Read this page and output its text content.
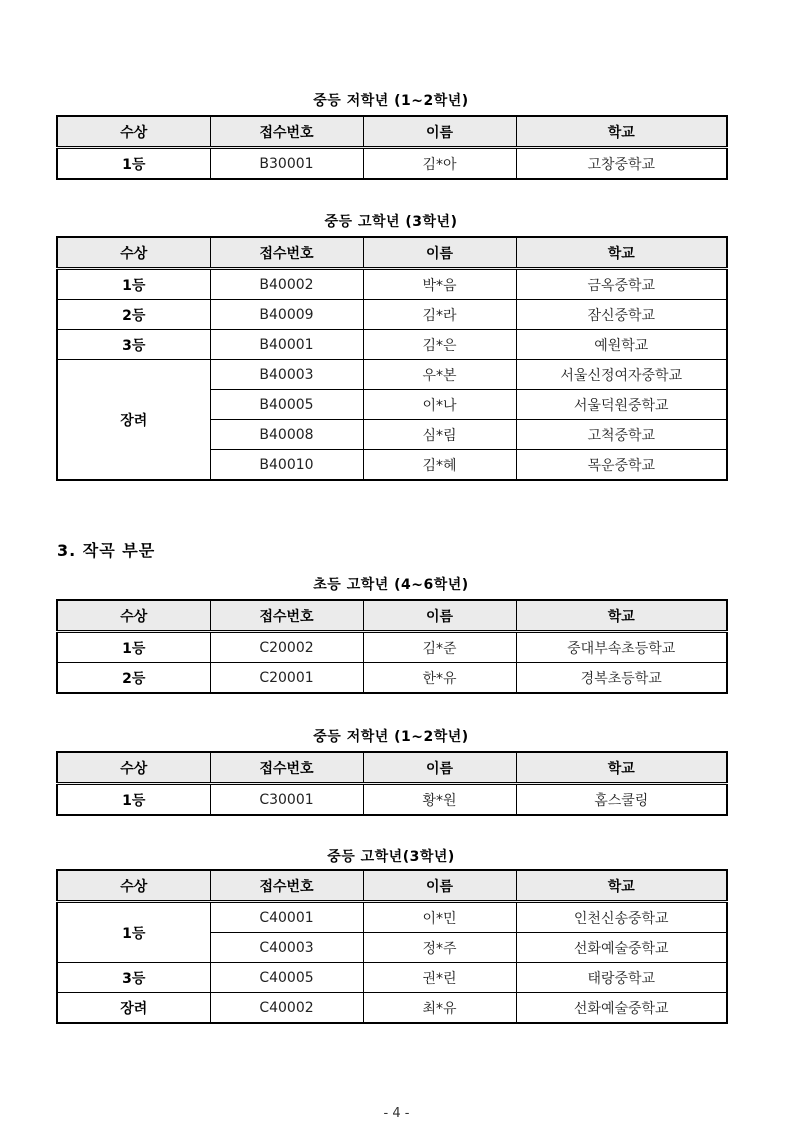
중등 저학년 (1~2학년)
수상	접수번호	이름	학교
1등	B30001	김*아	고창중학교
중등 고학년 (3학년)
수상	접수번호	이름	학교
1등	B40002	박*음	금옥중학교
2등	B40009	김*라	잠신중학교
3등	B40001	김*은	예원학교
장려	B40003	우*본	서울신정여자중학교
	B40005	이*나	서울덕원중학교
	B40008	심*림	고척중학교
	B40010	김*혜	목운중학교
3. 작곡 부문
초등 고학년 (4~6학년)
수상	접수번호	이름	학교
1등	C20002	김*준	중대부속초등학교
2등	C20001	한*유	경복초등학교
중등 저학년 (1~2학년)
수상	접수번호	이름	학교
1등	C30001	황*원	홈스쿨링
중등 고학년(3학년)
수상	접수번호	이름	학교
1등	C40001	이*민	인천신송중학교
	C40003	정*주	선화예술중학교
3등	C40005	권*린	태랑중학교
장려	C40002	최*유	선화예술중학교
- 4 -
